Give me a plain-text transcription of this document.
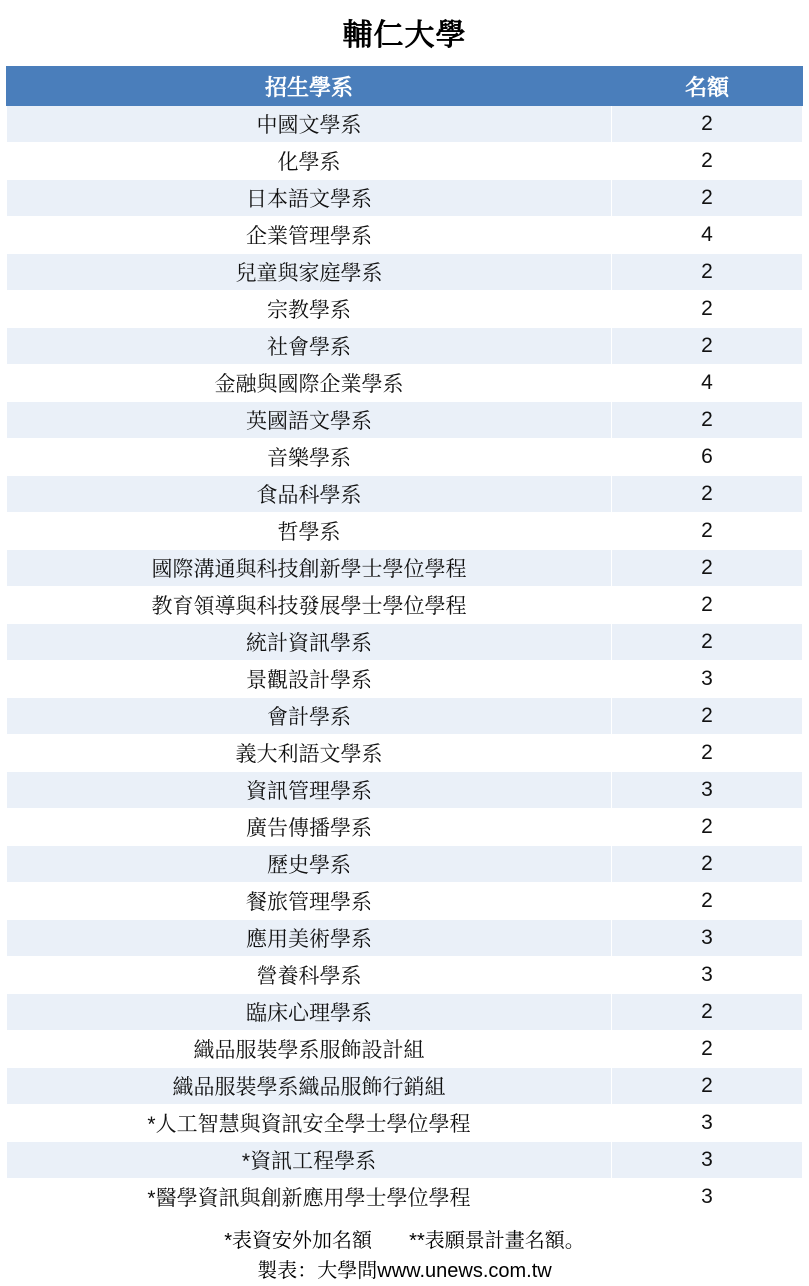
輔仁大學
招生學系	名額
中國文學系	2
化學系	2
日本語文學系	2
企業管理學系	4
兒童與家庭學系	2
宗教學系	2
社會學系	2
金融與國際企業學系	4
英國語文學系	2
音樂學系	6
食品科學系	2
哲學系	2
國際溝通與科技創新學士學位學程	2
教育領導與科技發展學士學位學程	2
統計資訊學系	2
景觀設計學系	3
會計學系	2
義大利語文學系	2
資訊管理學系	3
廣告傳播學系	2
歷史學系	2
餐旅管理學系	2
應用美術學系	3
營養科學系	3
臨床心理學系	2
織品服裝學系服飾設計組	2
織品服裝學系織品服飾行銷組	2
*人工智慧與資訊安全學士學位學程	3
*資訊工程學系	3
*醫學資訊與創新應用學士學位學程	3
*表資安外加名額 **表願景計畫名額。
製表：大學問www.unews.com.tw
